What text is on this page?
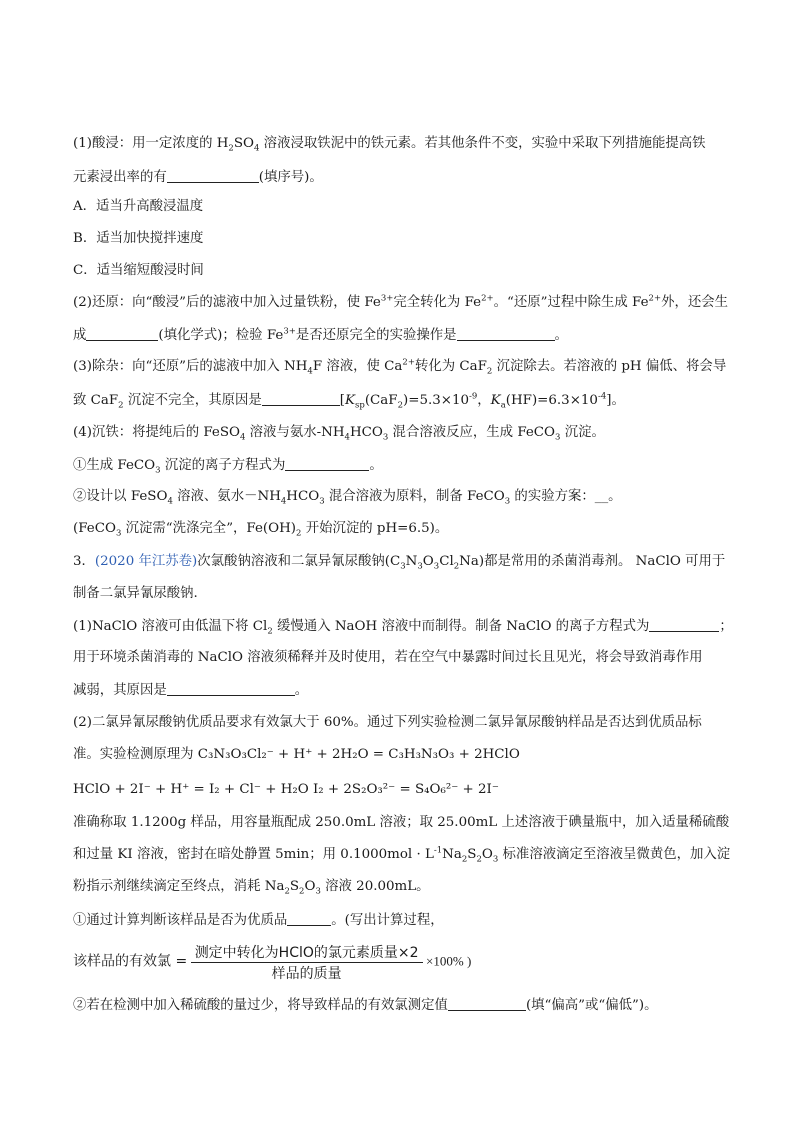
(1)酸浸：用一定浓度的 $H_2SO_4$ 溶液浸取铁泥中的铁元素。若其他条件不变，实验中采取下列措施能提高铁
元素浸出率的有	(填序号)。
A．适当升高酸浸温度
B．适当加快搅拌速度
C．适当缩短酸浸时间
(2)还原：向“酸浸”后的滤液中加入过量铁粉，使 $Fe^{3+}$完全转化为 $Fe^{2+}$。“还原”过程中除生成 $Fe^{2+}$外，还会生
成	(填化学式)；检验 $Fe^{3+}$是否还原完全的实验操作是	。
(3)除杂：向“还原”后的滤液中加入 $NH_4F$ 溶液，使 $Ca^{2+}$转化为 CaF$_2$ 沉淀除去。若溶液的 pH 偏低、将会导
致 CaF$_2$ 沉淀不完全，其原因是	[$K_{sp}(CaF_2)=5.3\times 10^{-9}$，$K_a(HF)=6.3\times 10^{-4}$]。
(4)沉铁：将提纯后的 FeSO$_4$ 溶液与氨水$-NH_4HCO_3$ 混合溶液反应，生成 FeCO$_3$ 沉淀。
①生成 FeCO$_3$ 沉淀的离子方程式为	。
②设计以 FeSO$_4$ 溶液、氨水$-NH_4HCO_3$ 混合溶液为原料，制备 FeCO$_3$ 的实验方案：__。
(FeCO$_3$ 沉淀需“洗涤完全”，$Fe(OH)_2$ 开始沉淀的 pH=6.5)。
3．(2020 年江苏卷)次氯酸钠溶液和二氯异氰尿酸钠$(C_3N_3O_3Cl_2Na)$都是常用的杀菌消毒剂。 NaClO 可用于
制备二氯异氰尿酸钠.
(1)NaClO 溶液可由低温下将 $Cl_2$ 缓慢通入 NaOH 溶液中而制得。制备 NaClO 的离子方程式为	；
用于环境杀菌消毒的 NaClO 溶液须稀释并及时使用，若在空气中暴露时间过长且见光，将会导致消毒作用
减弱，其原因是	。
(2)二氯异氰尿酸钠优质品要求有效氯大于 60%。通过下列实验检测二氯异氰尿酸钠样品是否达到优质品标
准。实验检测原理为 C₃N₃O₃Cl₂⁻ + H⁺ + 2H₂O = C₃H₃N₃O₃ + 2HClO
HClO + 2I⁻ + H⁺ = I₂ + Cl⁻ + H₂O I₂ + 2S₂O₃²⁻ = S₄O₆²⁻ + 2I⁻
准确称取 1.1200g 样品，用容量瓶配成 250.0mL 溶液；取 25.00mL 上述溶液于碘量瓶中，加入适量稀硫酸
和过量 KI 溶液，密封在暗处静置 5min；用 $0.1000mol \cdot L^{-1}Na_2S_2O_3$ 标准溶液滴定至溶液呈微黄色，加入淀
粉指示剂继续滴定至终点，消耗 $Na_2S_2O_3$ 溶液 20.00mL。
①通过计算判断该样品是否为优质品	。(写出计算过程，
该样品的有效氯 = $\frac{\text{测定中转化为HClO的氯元素质量×2}}{\text{样品的质量}} \times 100\%$ )
②若在检测中加入稀硫酸的量过少，将导致样品的有效氯测定值	(填“偏高”或“偏低”)。
